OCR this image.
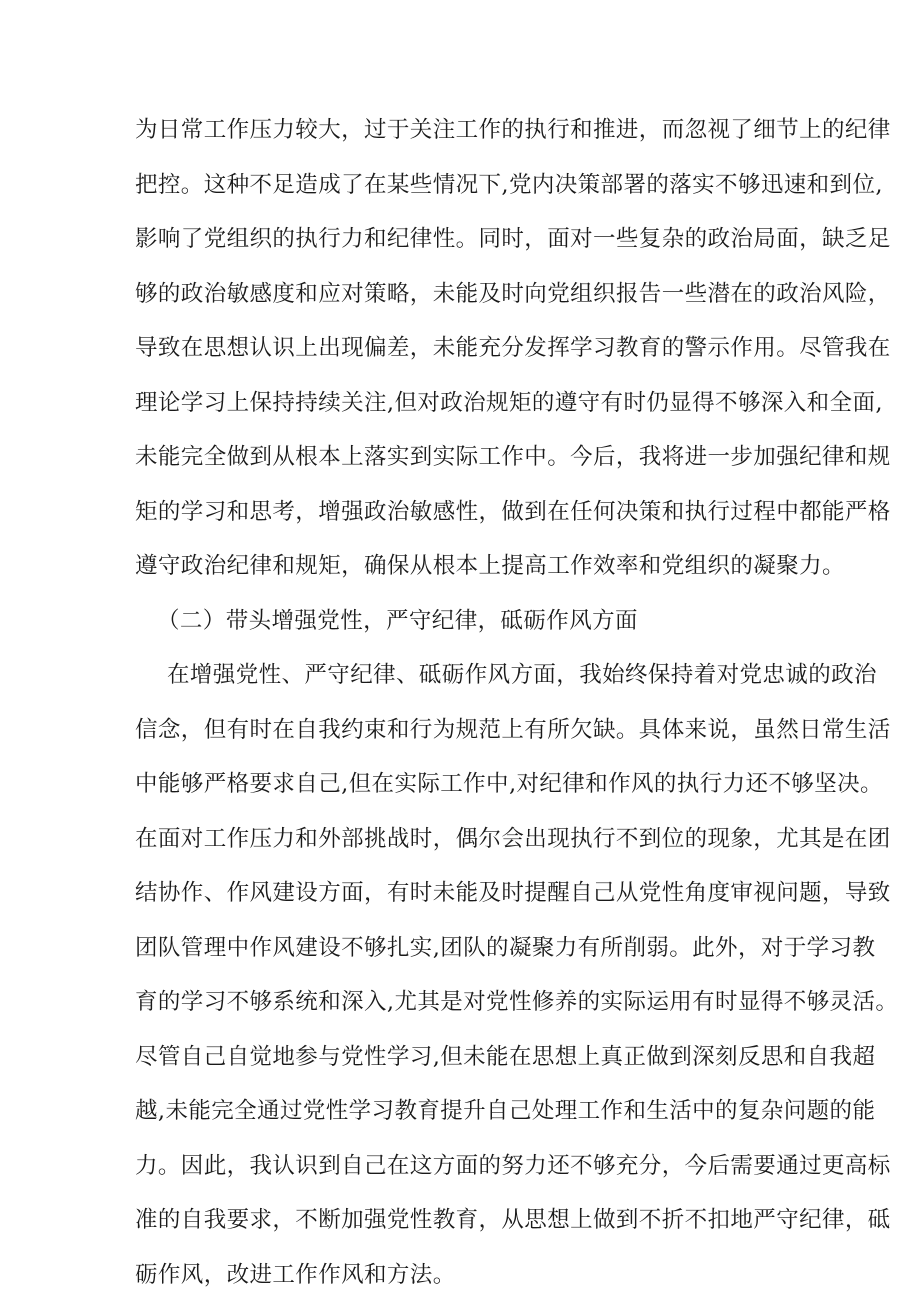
为日常工作压力较大，过于关注工作的执行和推进，而忽视了细节上的纪律
把控。这种不足造成了在某些情况下,党内决策部署的落实不够迅速和到位,
影响了党组织的执行力和纪律性。同时，面对一些复杂的政治局面，缺乏足
够的政治敏感度和应对策略，未能及时向党组织报告一些潜在的政治风险，
导致在思想认识上出现偏差，未能充分发挥学习教育的警示作用。尽管我在
理论学习上保持持续关注,但对政治规矩的遵守有时仍显得不够深入和全面,
未能完全做到从根本上落实到实际工作中。今后，我将进一步加强纪律和规
矩的学习和思考，增强政治敏感性，做到在任何决策和执行过程中都能严格
遵守政治纪律和规矩，确保从根本上提高工作效率和党组织的凝聚力。
（二）带头增强党性，严守纪律，砥砺作风方面
在增强党性、严守纪律、砥砺作风方面，我始终保持着对党忠诚的政治
信念，但有时在自我约束和行为规范上有所欠缺。具体来说，虽然日常生活
中能够严格要求自己,但在实际工作中,对纪律和作风的执行力还不够坚决。
在面对工作压力和外部挑战时，偶尔会出现执行不到位的现象，尤其是在团
结协作、作风建设方面，有时未能及时提醒自己从党性角度审视问题，导致
团队管理中作风建设不够扎实,团队的凝聚力有所削弱。此外，对于学习教
育的学习不够系统和深入,尤其是对党性修养的实际运用有时显得不够灵活。
尽管自己自觉地参与党性学习,但未能在思想上真正做到深刻反思和自我超
越,未能完全通过党性学习教育提升自己处理工作和生活中的复杂问题的能
力。因此，我认识到自己在这方面的努力还不够充分，今后需要通过更高标
准的自我要求，不断加强党性教育，从思想上做到不折不扣地严守纪律，砥
砺作风，改进工作作风和方法。
